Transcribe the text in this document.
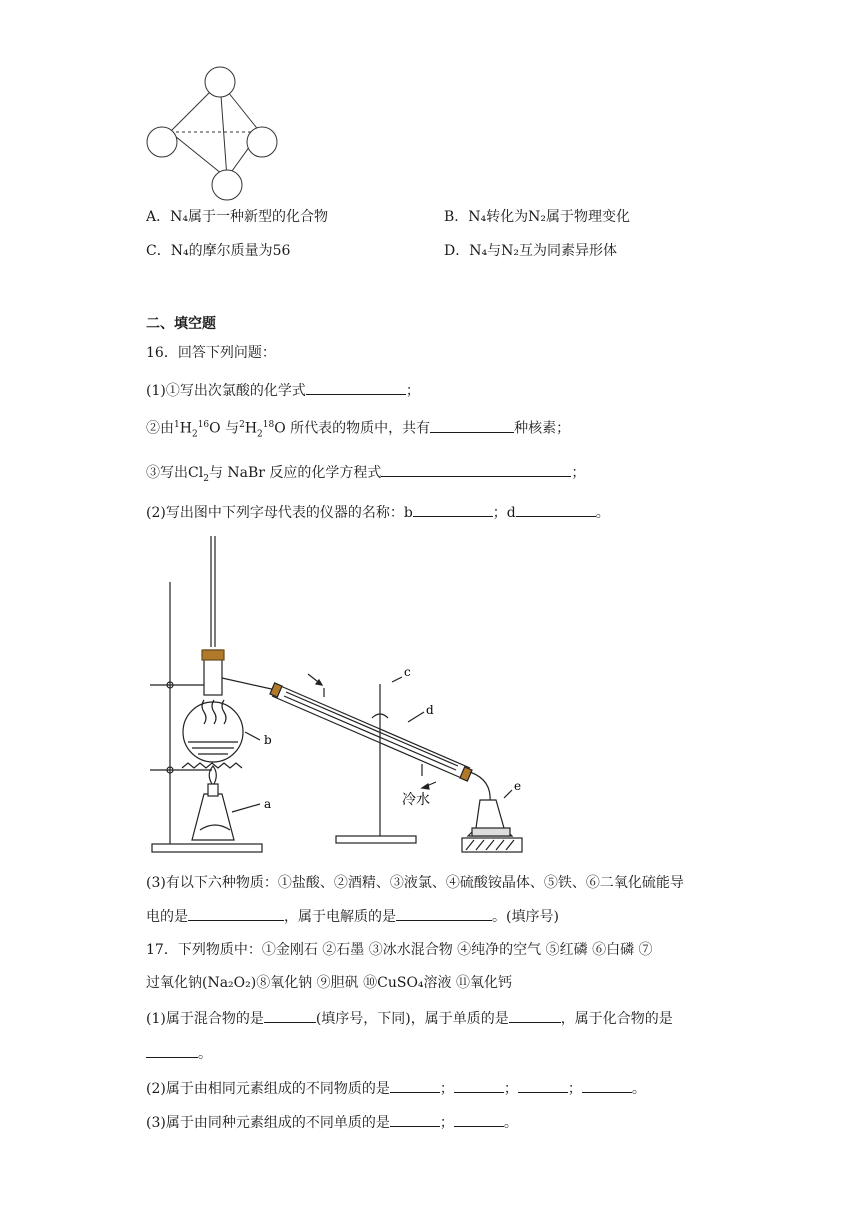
A．N₄属于一种新型的化合物	B．N₄转化为N₂属于物理变化
C．N₄的摩尔质量为56	D．N₄与N₂互为同素异形体
二、填空题
16．回答下列问题：
(1)①写出次氯酸的化学式	；
②由$^1H_2^{16}O$ 与$^2H_2^{18}O$ 所代表的物质中，共有	种核素；
③写出$Cl_2$与 NaBr 反应的化学方程式	；
(2)写出图中下列字母代表的仪器的名称：b	；d	。
b
c
d
e
a	冷水
(3)有以下六种物质：①盐酸、②酒精、③液氯、④硫酸铵晶体、⑤铁、⑥二氧化硫能导
电的是	，属于电解质的是	。(填序号)
17．下列物质中：①金刚石 ②石墨 ③冰水混合物 ④纯净的空气 ⑤红磷 ⑥白磷 ⑦
过氧化钠(Na₂O₂)⑧氧化钠 ⑨胆矾 ⑩CuSO₄溶液 ⑪氧化钙
(1)属于混合物的是	(填序号，下同)，属于单质的是	，属于化合物的是
。
(2)属于由相同元素组成的不同物质的是	；	；	；	。
(3)属于由同种元素组成的不同单质的是	；	。
